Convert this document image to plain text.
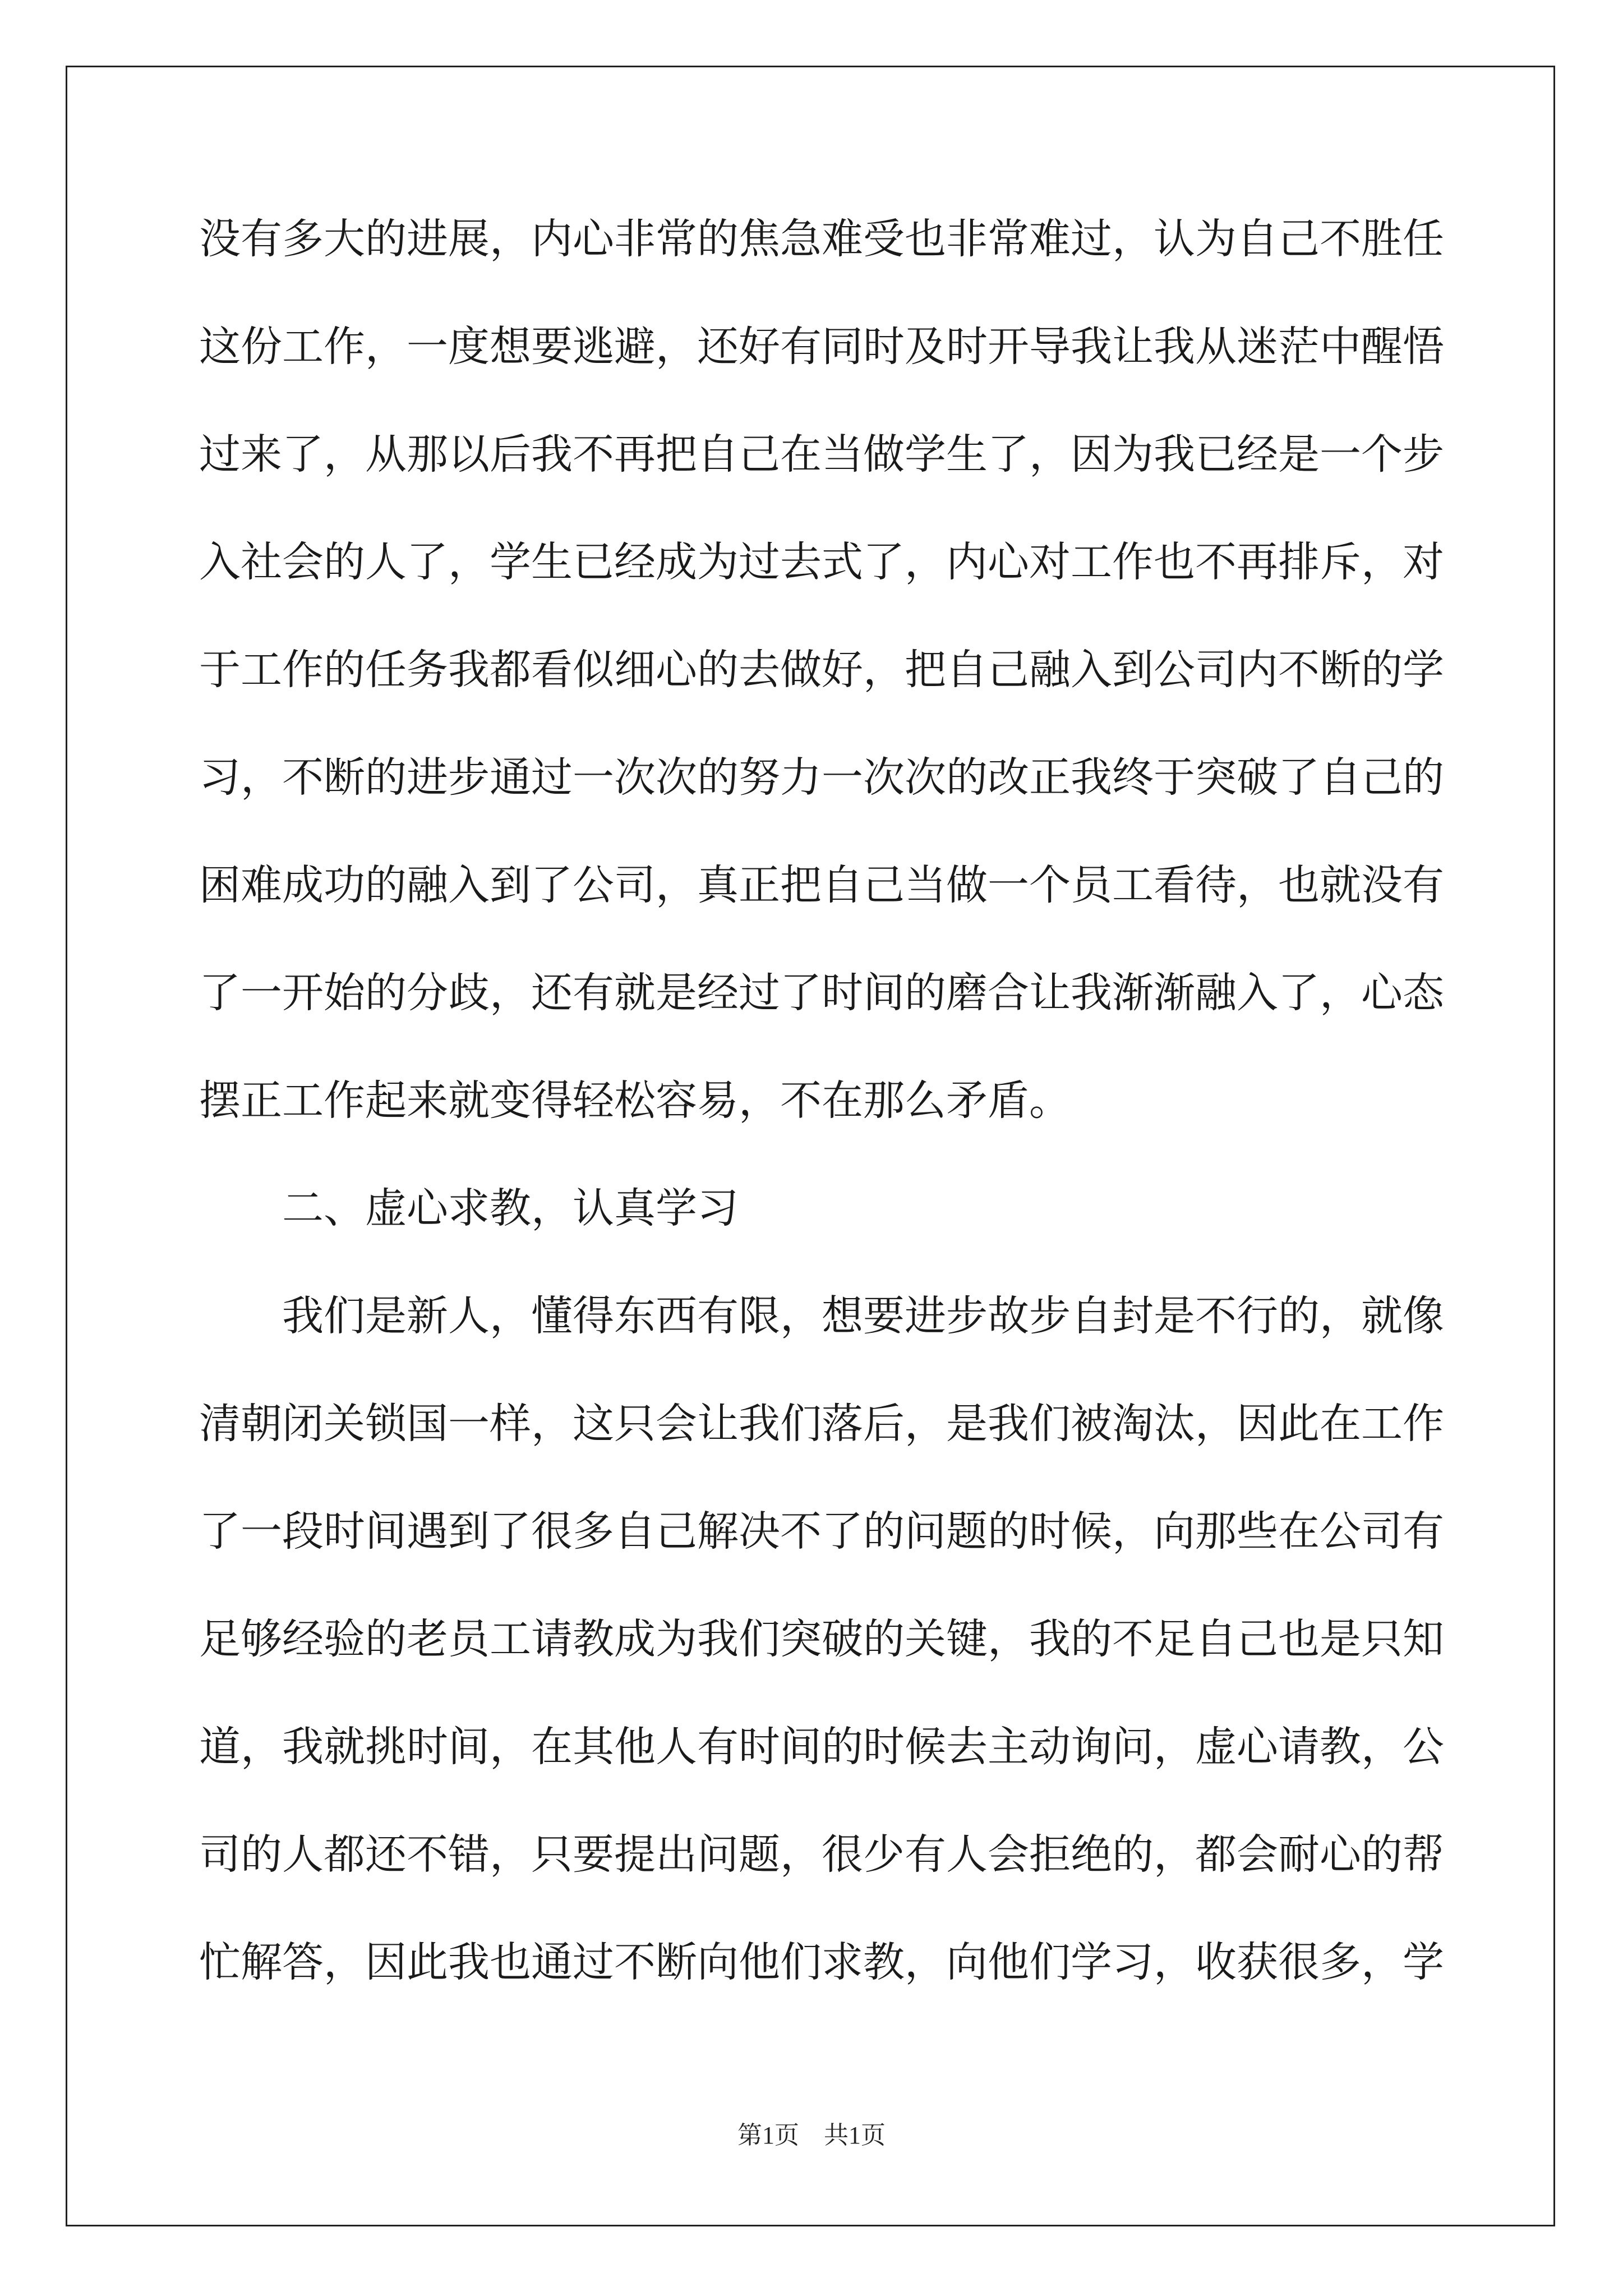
没有多大的进展，内心非常的焦急难受也非常难过，认为自己不胜任
这份工作，一度想要逃避，还好有同时及时开导我让我从迷茫中醒悟
过来了，从那以后我不再把自己在当做学生了，因为我已经是一个步
入社会的人了，学生已经成为过去式了，内心对工作也不再排斥，对
于工作的任务我都看似细心的去做好，把自己融入到公司内不断的学
习，不断的进步通过一次次的努力一次次的改正我终于突破了自己的
困难成功的融入到了公司，真正把自己当做一个员工看待，也就没有
了一开始的分歧，还有就是经过了时间的磨合让我渐渐融入了，心态
摆正工作起来就变得轻松容易，不在那么矛盾。
二、虚心求教，认真学习
我们是新人，懂得东西有限，想要进步故步自封是不行的，就像
清朝闭关锁国一样，这只会让我们落后，是我们被淘汰，因此在工作
了一段时间遇到了很多自己解决不了的问题的时候，向那些在公司有
足够经验的老员工请教成为我们突破的关键，我的不足自己也是只知
道，我就挑时间，在其他人有时间的时候去主动询问，虚心请教，公
司的人都还不错，只要提出问题，很少有人会拒绝的，都会耐心的帮
忙解答，因此我也通过不断向他们求教，向他们学习，收获很多，学
第1页　共1页
